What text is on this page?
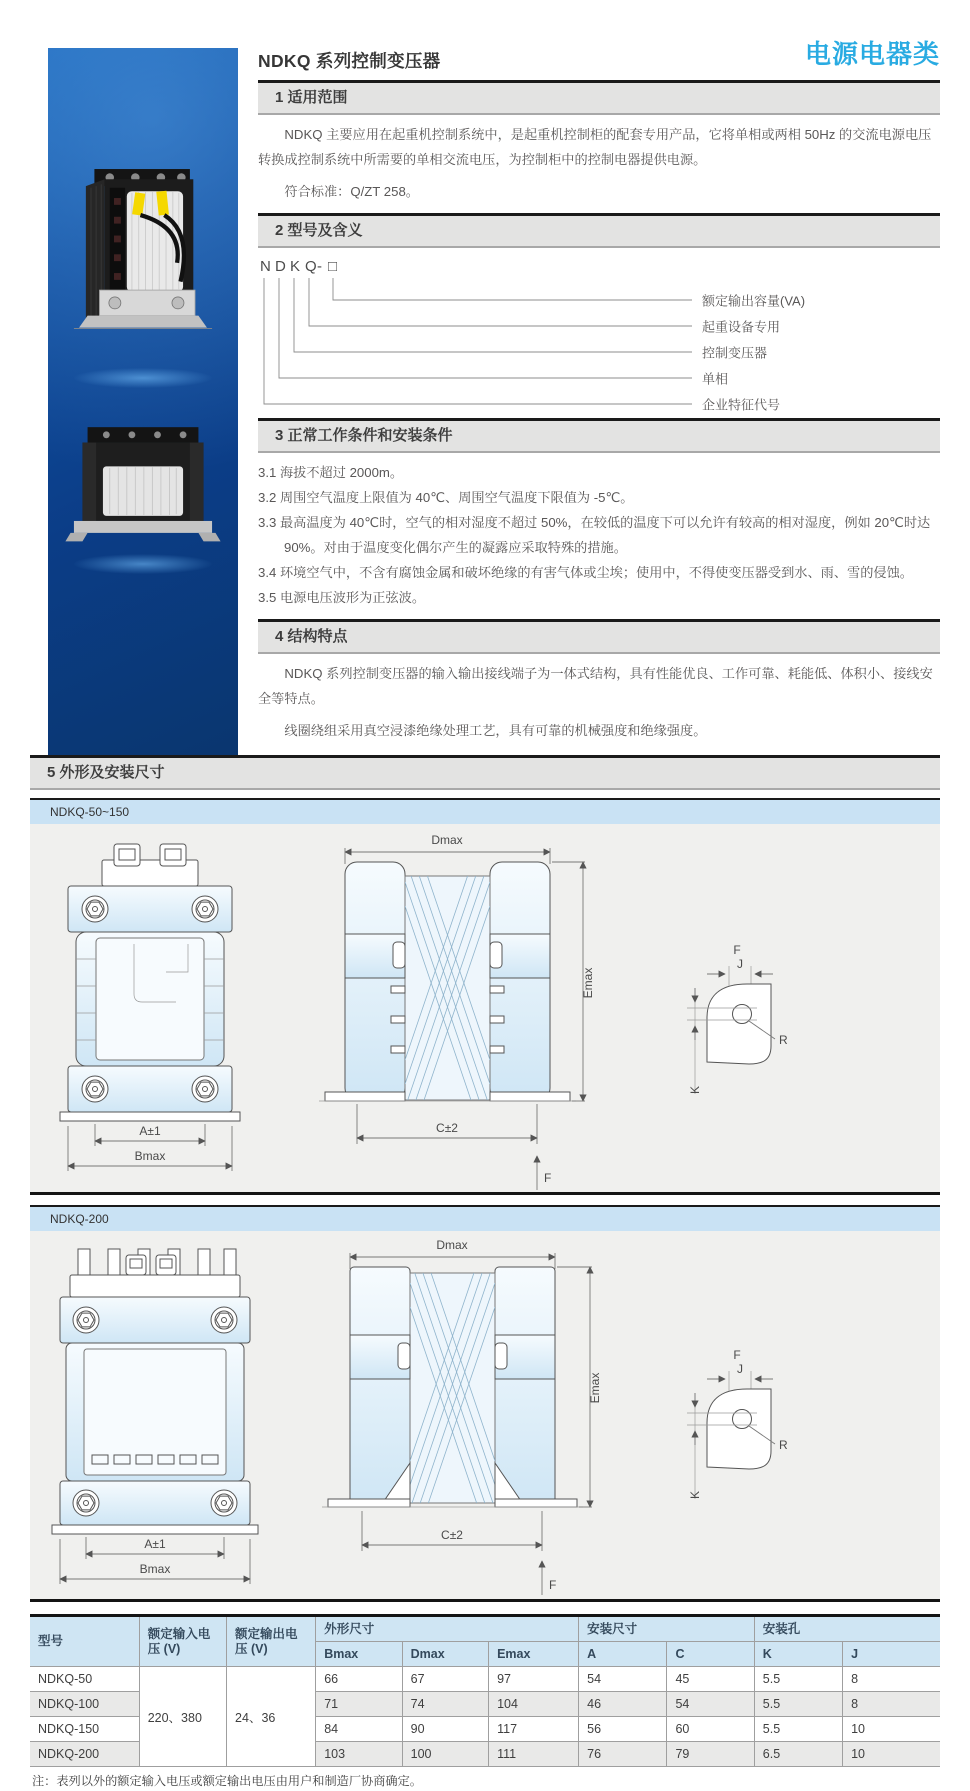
NDKQ 系列控制变压器	电源电器类
1 适用范围

NDKQ 主要应用在起重机控制系统中，是起重机控制柜的配套专用产品，它将单相或两相 50Hz 的交流电源电压转换成控制系统中所需要的单相交流电压，为控制柜中的控制电器提供电源。

符合标准：Q/ZT 258。

2 型号及含义
N D K Q - □
额定输出容量(VA)
起重设备专用
控制变压器
单相
企业特征代号
3 正常工作条件和安装条件
3.1 海拔不超过 2000m。
3.2 周围空气温度上限值为 40℃、周围空气温度下限值为 -5℃。
3.3 最高温度为 40℃时，空气的相对湿度不超过 50%，在较低的温度下可以允许有较高的相对湿度，例如 20℃时达 90%。对由于温度变化偶尔产生的凝露应采取特殊的措施。
3.4 环境空气中，不含有腐蚀金属和破坏绝缘的有害气体或尘埃；使用中，不得使变压器受到水、雨、雪的侵蚀。
3.5 电源电压波形为正弦波。
4 结构特点

NDKQ 系列控制变压器的输入输出接线端子为一体式结构，具有性能优良、工作可靠、耗能低、体积小、接线安全等特点。

线圈绕组采用真空浸漆绝缘处理工艺，具有可靠的机械强度和绝缘强度。

5 外形及安装尺寸
NDKQ-50~150
A±1
Bmax
Dmax
Emax
C±2
F
F
J
R
K
NDKQ-200
A±1
Bmax
Dmax
Emax
C±2
F
F
J
R
K
型号	额定输入电压 (V)	额定输出电压 (V)	外形尺寸			安装尺寸		安装孔	
			Bmax	Dmax	Emax	A	C	K	J
NDKQ-50	220、380	24、36	66	67	97	54	45	5.5	8
NDKQ-100			71	74	104	46	54	5.5	8
NDKQ-150			84	90	117	56	60	5.5	10
NDKQ-200			103	100	111	76	79	6.5	10
注：表列以外的额定输入电压或额定输出电压由用户和制造厂协商确定。
